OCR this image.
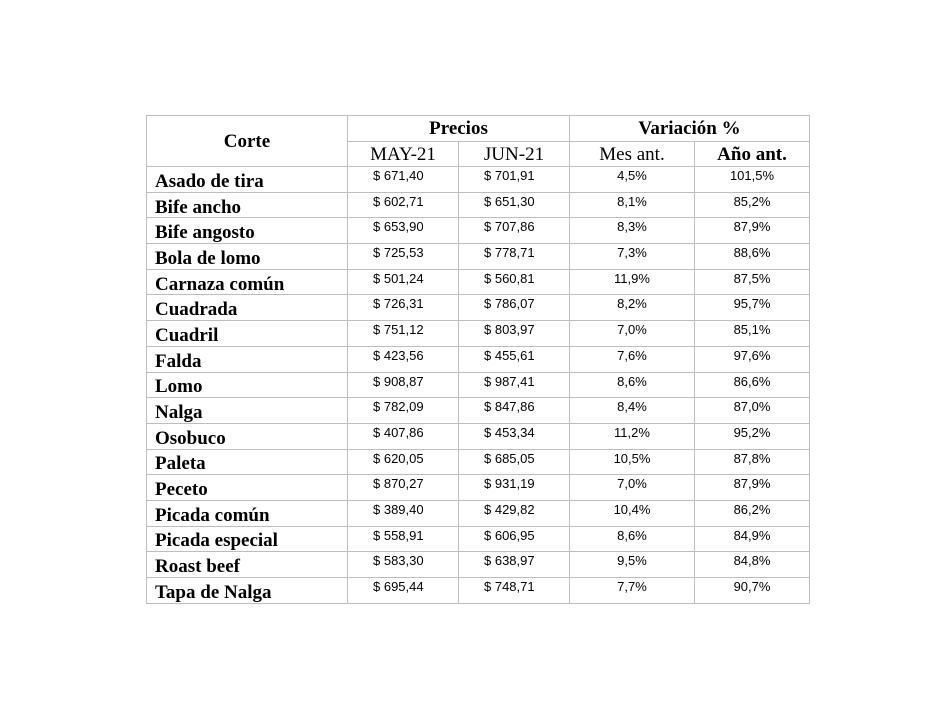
Corte	Precios		Variación %	
	MAY-21	JUN-21	Mes ant.	Año ant.
Asado de tira	$ 671,40	$ 701,91	4,5%	101,5%
Bife ancho	$ 602,71	$ 651,30	8,1%	85,2%
Bife angosto	$ 653,90	$ 707,86	8,3%	87,9%
Bola de lomo	$ 725,53	$ 778,71	7,3%	88,6%
Carnaza común	$ 501,24	$ 560,81	11,9%	87,5%
Cuadrada	$ 726,31	$ 786,07	8,2%	95,7%
Cuadril	$ 751,12	$ 803,97	7,0%	85,1%
Falda	$ 423,56	$ 455,61	7,6%	97,6%
Lomo	$ 908,87	$ 987,41	8,6%	86,6%
Nalga	$ 782,09	$ 847,86	8,4%	87,0%
Osobuco	$ 407,86	$ 453,34	11,2%	95,2%
Paleta	$ 620,05	$ 685,05	10,5%	87,8%
Peceto	$ 870,27	$ 931,19	7,0%	87,9%
Picada común	$ 389,40	$ 429,82	10,4%	86,2%
Picada especial	$ 558,91	$ 606,95	8,6%	84,9%
Roast beef	$ 583,30	$ 638,97	9,5%	84,8%
Tapa de Nalga	$ 695,44	$ 748,71	7,7%	90,7%
